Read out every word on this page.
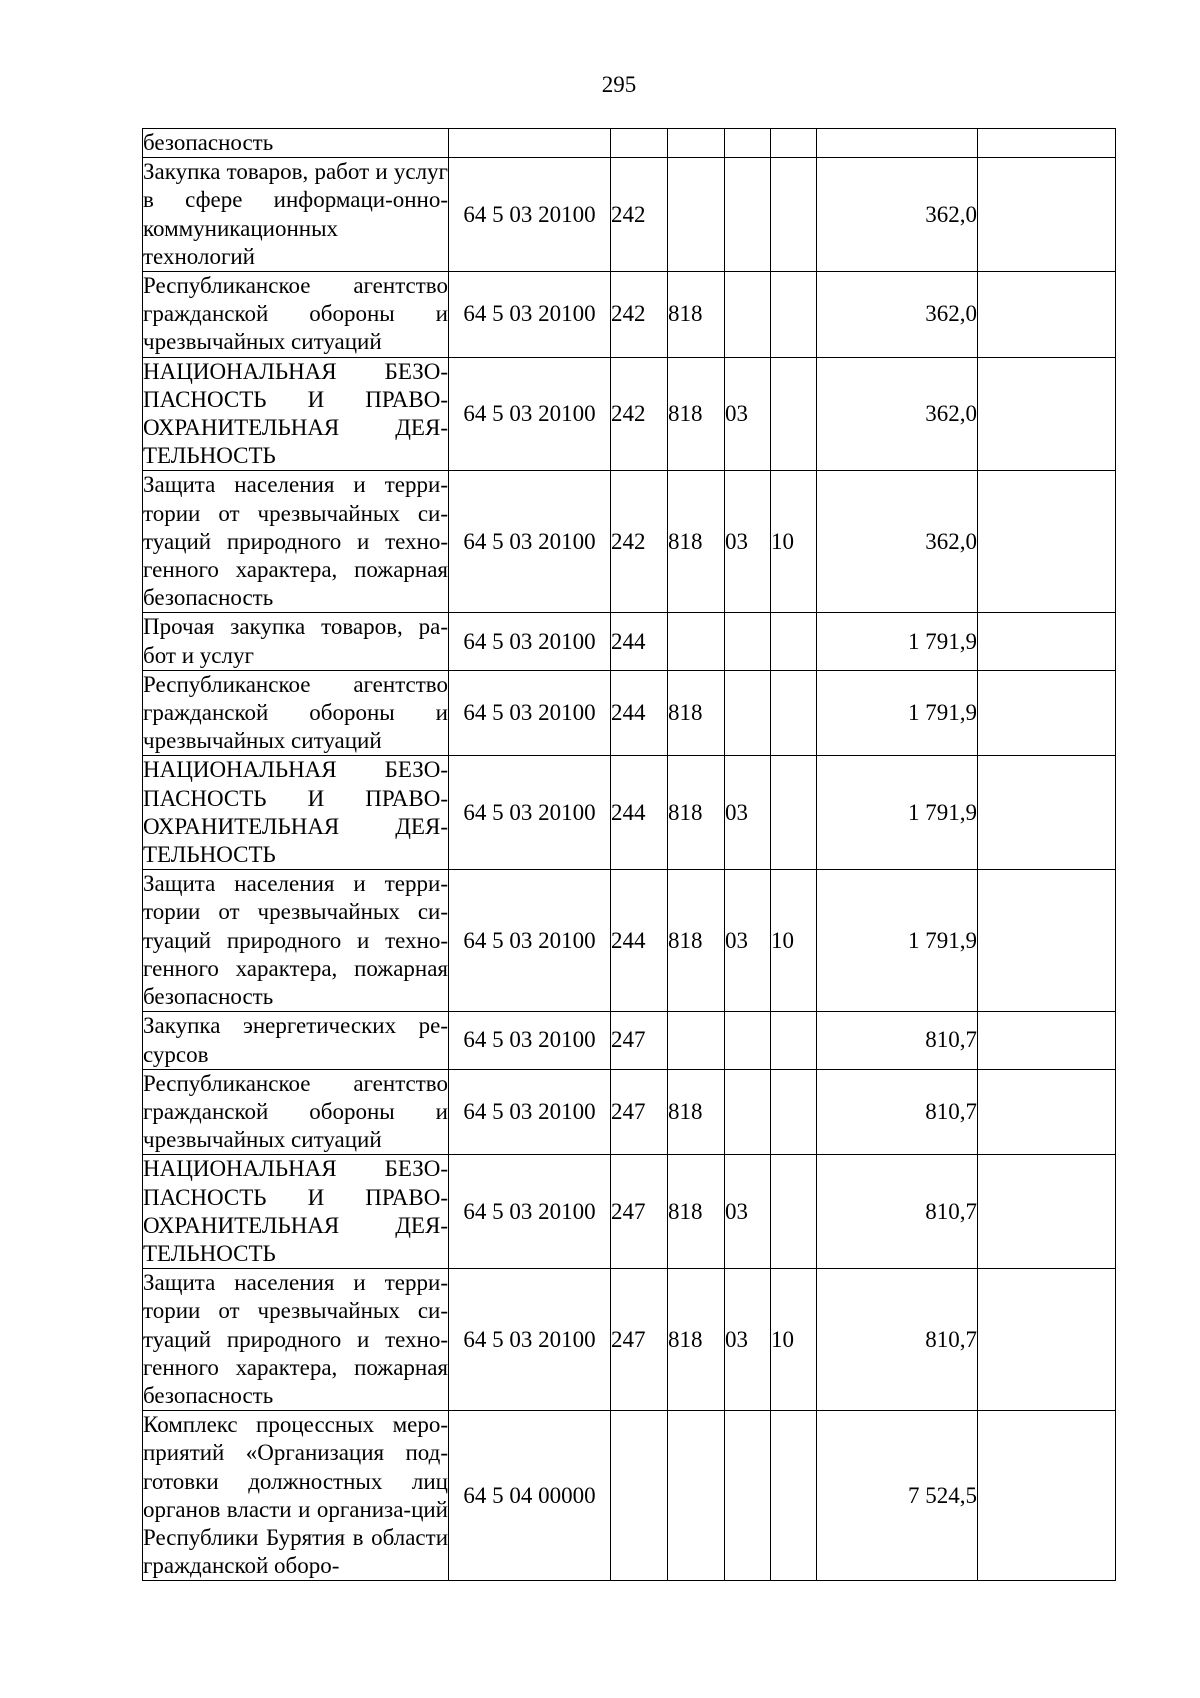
295
безопасность							
Закупка товаров, работ и услуг в сфере информаци-онно-коммуникационных технологий	64 5 03 20100	242				362,0	
Республиканское агентство гражданской обороны и чрезвычайных ситуаций	64 5 03 20100	242	818			362,0	
НАЦИОНАЛЬНАЯ БЕЗО-ПАСНОСТЬ И ПРАВО-ОХРАНИТЕЛЬНАЯ ДЕЯ-ТЕЛЬНОСТЬ	64 5 03 20100	242	818	03		362,0	
Защита населения и терри-тории от чрезвычайных си-туаций природного и техно-генного характера, пожарная безопасность	64 5 03 20100	242	818	03	10	362,0	
Прочая закупка товаров, ра-бот и услуг	64 5 03 20100	244				1 791,9	
Республиканское агентство гражданской обороны и чрезвычайных ситуаций	64 5 03 20100	244	818			1 791,9	
НАЦИОНАЛЬНАЯ БЕЗО-ПАСНОСТЬ И ПРАВО-ОХРАНИТЕЛЬНАЯ ДЕЯ-ТЕЛЬНОСТЬ	64 5 03 20100	244	818	03		1 791,9	
Защита населения и терри-тории от чрезвычайных си-туаций природного и техно-генного характера, пожарная безопасность	64 5 03 20100	244	818	03	10	1 791,9	
Закупка энергетических ре-сурсов	64 5 03 20100	247				810,7	
Республиканское агентство гражданской обороны и чрезвычайных ситуаций	64 5 03 20100	247	818			810,7	
НАЦИОНАЛЬНАЯ БЕЗО-ПАСНОСТЬ И ПРАВО-ОХРАНИТЕЛЬНАЯ ДЕЯ-ТЕЛЬНОСТЬ	64 5 03 20100	247	818	03		810,7	
Защита населения и терри-тории от чрезвычайных си-туаций природного и техно-генного характера, пожарная безопасность	64 5 03 20100	247	818	03	10	810,7	
Комплекс процессных меро-приятий «Организация под-готовки должностных лиц органов власти и организа-ций Республики Бурятия в области гражданской оборо-	64 5 04 00000					7 524,5	
